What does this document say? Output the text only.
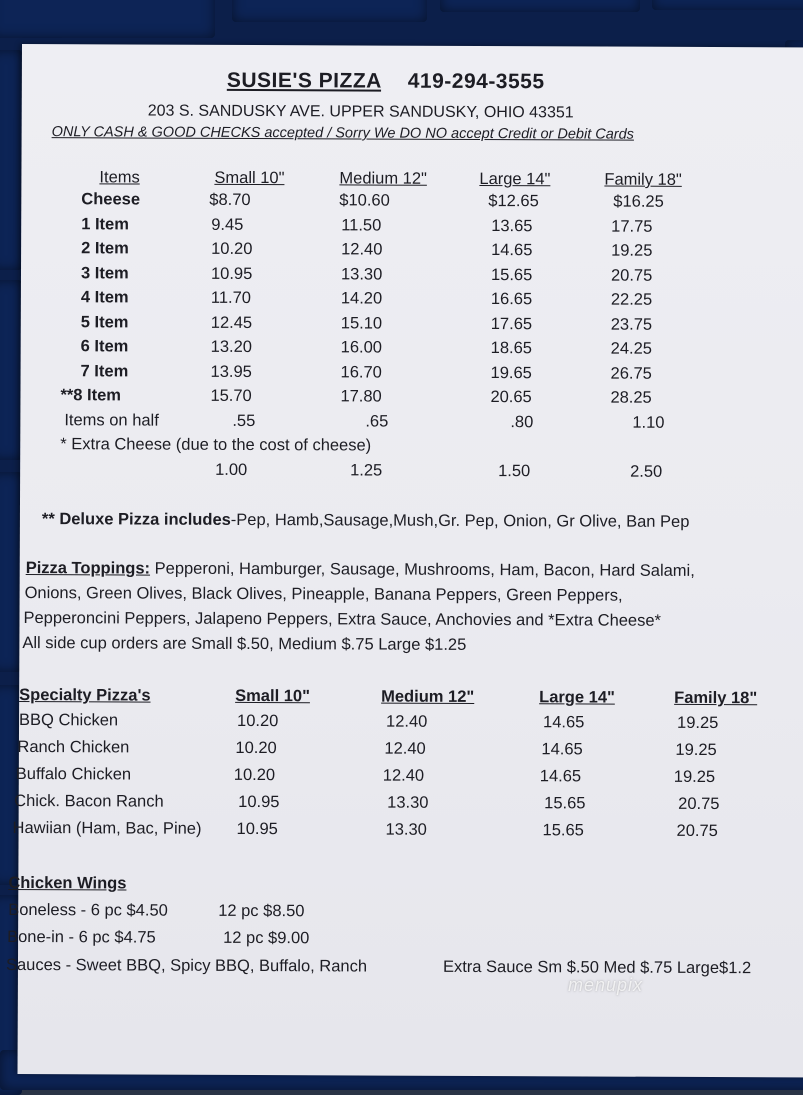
SUSIE'S PIZZA 419-294-3555
203 S. SANDUSKY AVE. UPPER SANDUSKY, OHIO 43351
ONLY CASH & GOOD CHECKS accepted / Sorry We DO NO accept Credit or Debit Cards
Items	Small 10"	Medium 12"	Large 14"	Family 18"
Cheese	$8.70	$10.60	$12.65	$16.25
1 Item	9.45	11.50	13.65	17.75
2 Item	10.20	12.40	14.65	19.25
3 Item	10.95	13.30	15.65	20.75
4 Item	11.70	14.20	16.65	22.25
5 Item	12.45	15.10	17.65	23.75
6 Item	13.20	16.00	18.65	24.25
7 Item	13.95	16.70	19.65	26.75
**8 Item	15.70	17.80	20.65	28.25
Items on half	.55	.65	.80	1.10
* Extra Cheese (due to the cost of cheese)
1.00	1.25	1.50	2.50
** Deluxe Pizza includes-Pep, Hamb,Sausage,Mush,Gr. Pep, Onion, Gr Olive, Ban Pep
Pizza Toppings: Pepperoni, Hamburger, Sausage, Mushrooms, Ham, Bacon, Hard Salami,
Onions, Green Olives, Black Olives, Pineapple, Banana Peppers, Green Peppers,
Pepperoncini Peppers, Jalapeno Peppers, Extra Sauce, Anchovies and *Extra Cheese*
All side cup orders are Small $.50, Medium $.75 Large $1.25
Specialty Pizza's	Small 10"	Medium 12"	Large 14"	Family 18"
BBQ Chicken	10.20	12.40	14.65	19.25
Ranch Chicken	10.20	12.40	14.65	19.25
Buffalo Chicken	10.20	12.40	14.65	19.25
Chick. Bacon Ranch	10.95	13.30	15.65	20.75
Hawiian (Ham, Bac, Pine) 10.95	13.30	15.65	20.75
Chicken Wings
Boneless - 6 pc $4.50	12 pc $8.50
Bone-in - 6 pc $4.75	12 pc $9.00
Sauces - Sweet BBQ, Spicy BBQ, Buffalo, Ranch	Extra Sauce Sm $.50 Med $.75 Large$1.2
menupix
